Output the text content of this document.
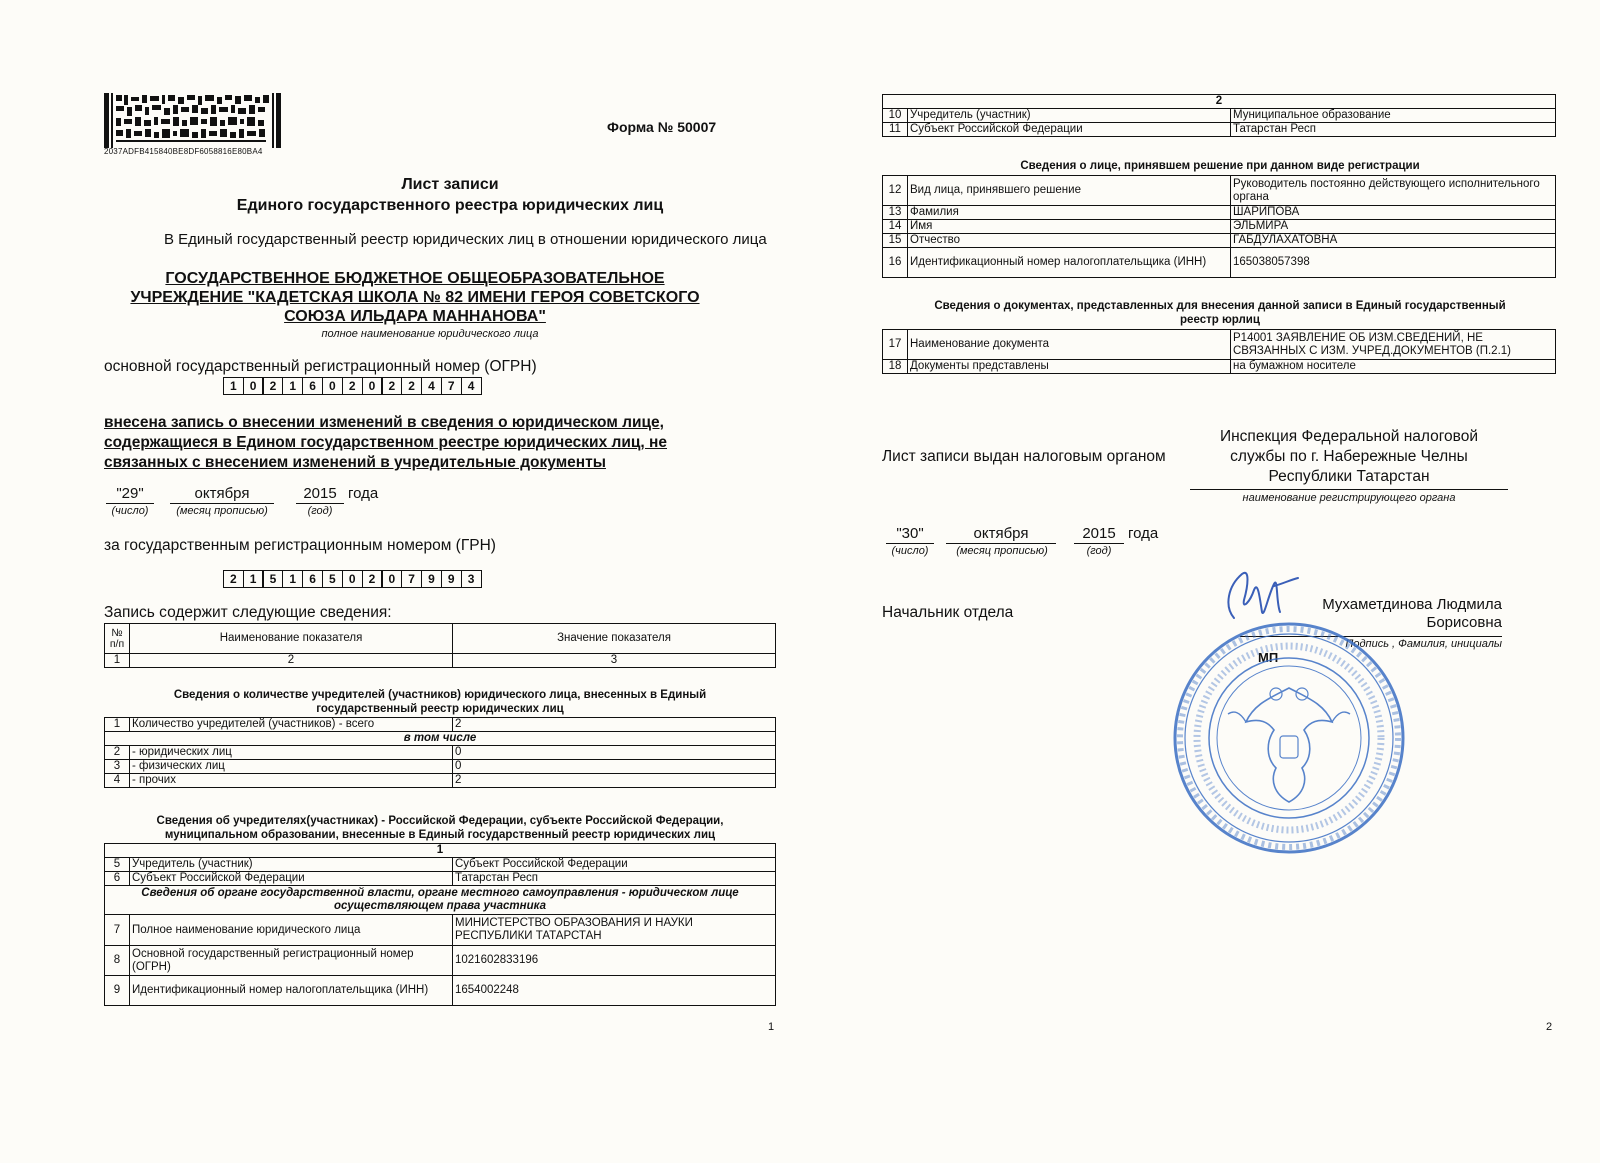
2037ADFB415840BE8DF6058816E80BA4
Форма № 50007
Лист записи
Единого государственного реестра юридических лиц
В Единый государственный реестр юридических лиц в отношении юридического лица
ГОСУДАРСТВЕННОЕ БЮДЖЕТНОЕ ОБЩЕОБРАЗОВАТЕЛЬНОЕ
УЧРЕЖДЕНИЕ "КАДЕТСКАЯ ШКОЛА № 82 ИМЕНИ ГЕРОЯ СОВЕТСКОГО
СОЮЗА ИЛЬДАРА МАННАНОВА"
полное наименование юридического лица
основной государственный регистрационный номер (ОГРН)
1	0	2	1	6	0	2	0	2	2	4	7	4
внесена запись о внесении изменений в сведения о юридическом лице,
содержащиеся в Едином государственном реестре юридических лиц, не
связанных с внесением изменений в учредительные документы
"29"	октября	2015 года
(число)	(месяц прописью)	(год)
за государственным регистрационным номером (ГРН)
2	1	5	1	6	5	0	2	0	7	9	9	3
Запись содержит следующие сведения:
№ п/п	Наименование показателя	Значение показателя
1	2	3
Сведения о количестве учредителей (участников) юридического лица, внесенных в Единый государственный реестр юридических лиц
1	Количество учредителей (участников) - всего	2
в том числе		
2	- юридических лиц	0
3	- физических лиц	0
4	- прочих	2
Сведения об учредителях(участниках) - Российской Федерации, субъекте Российской Федерации, муниципальном образовании, внесенные в Единый государственный реестр юридических лиц
1		
5	Учредитель (участник)	Субъект Российской Федерации
6	Субъект Российской Федерации	Татарстан Респ
Сведения об органе государственной власти, органе местного самоуправления - юридическом лице осуществляющем права участника		
7	Полное наименование юридического лица	МИНИСТЕРСТВО ОБРАЗОВАНИЯ И НАУКИ РЕСПУБЛИКИ ТАТАРСТАН
8	Основной государственный регистрационный номер (ОГРН)	1021602833196
9	Идентификационный номер налогоплательщика (ИНН)	1654002248
1
2		
10	Учредитель (участник)	Муниципальное образование
11	Субъект Российской Федерации	Татарстан Респ
Сведения о лице, принявшем решение при данном виде регистрации
12	Вид лица, принявшего решение	Руководитель постоянно действующего исполнительного органа
13	Фамилия	ШАРИПОВА
14	Имя	ЭЛЬМИРА
15	Отчество	ГАБДУЛАХАТОВНА
16	Идентификационный номер налогоплательщика (ИНН)	165038057398
Сведения о документах, представленных для внесения данной записи в Единый государственный
реестр юрлиц
17	Наименование документа	Р14001 ЗАЯВЛЕНИЕ ОБ ИЗМ.СВЕДЕНИЙ, НЕ СВЯЗАННЫХ С ИЗМ. УЧРЕД.ДОКУМЕНТОВ (П.2.1)
18	Документы представлены	на бумажном носителе
Лист записи выдан налоговым органом
Инспекция Федеральной налоговой
службы по г. Набережные Челны
Республики Татарстан
наименование регистрирующего органа
"30"	октября	2015 года
(число)	(месяц прописью)	(год)
Начальник отдела	Мухаметдинова Людмила
Борисовна
Подпись , Фамилия, инициалы
МП
2
